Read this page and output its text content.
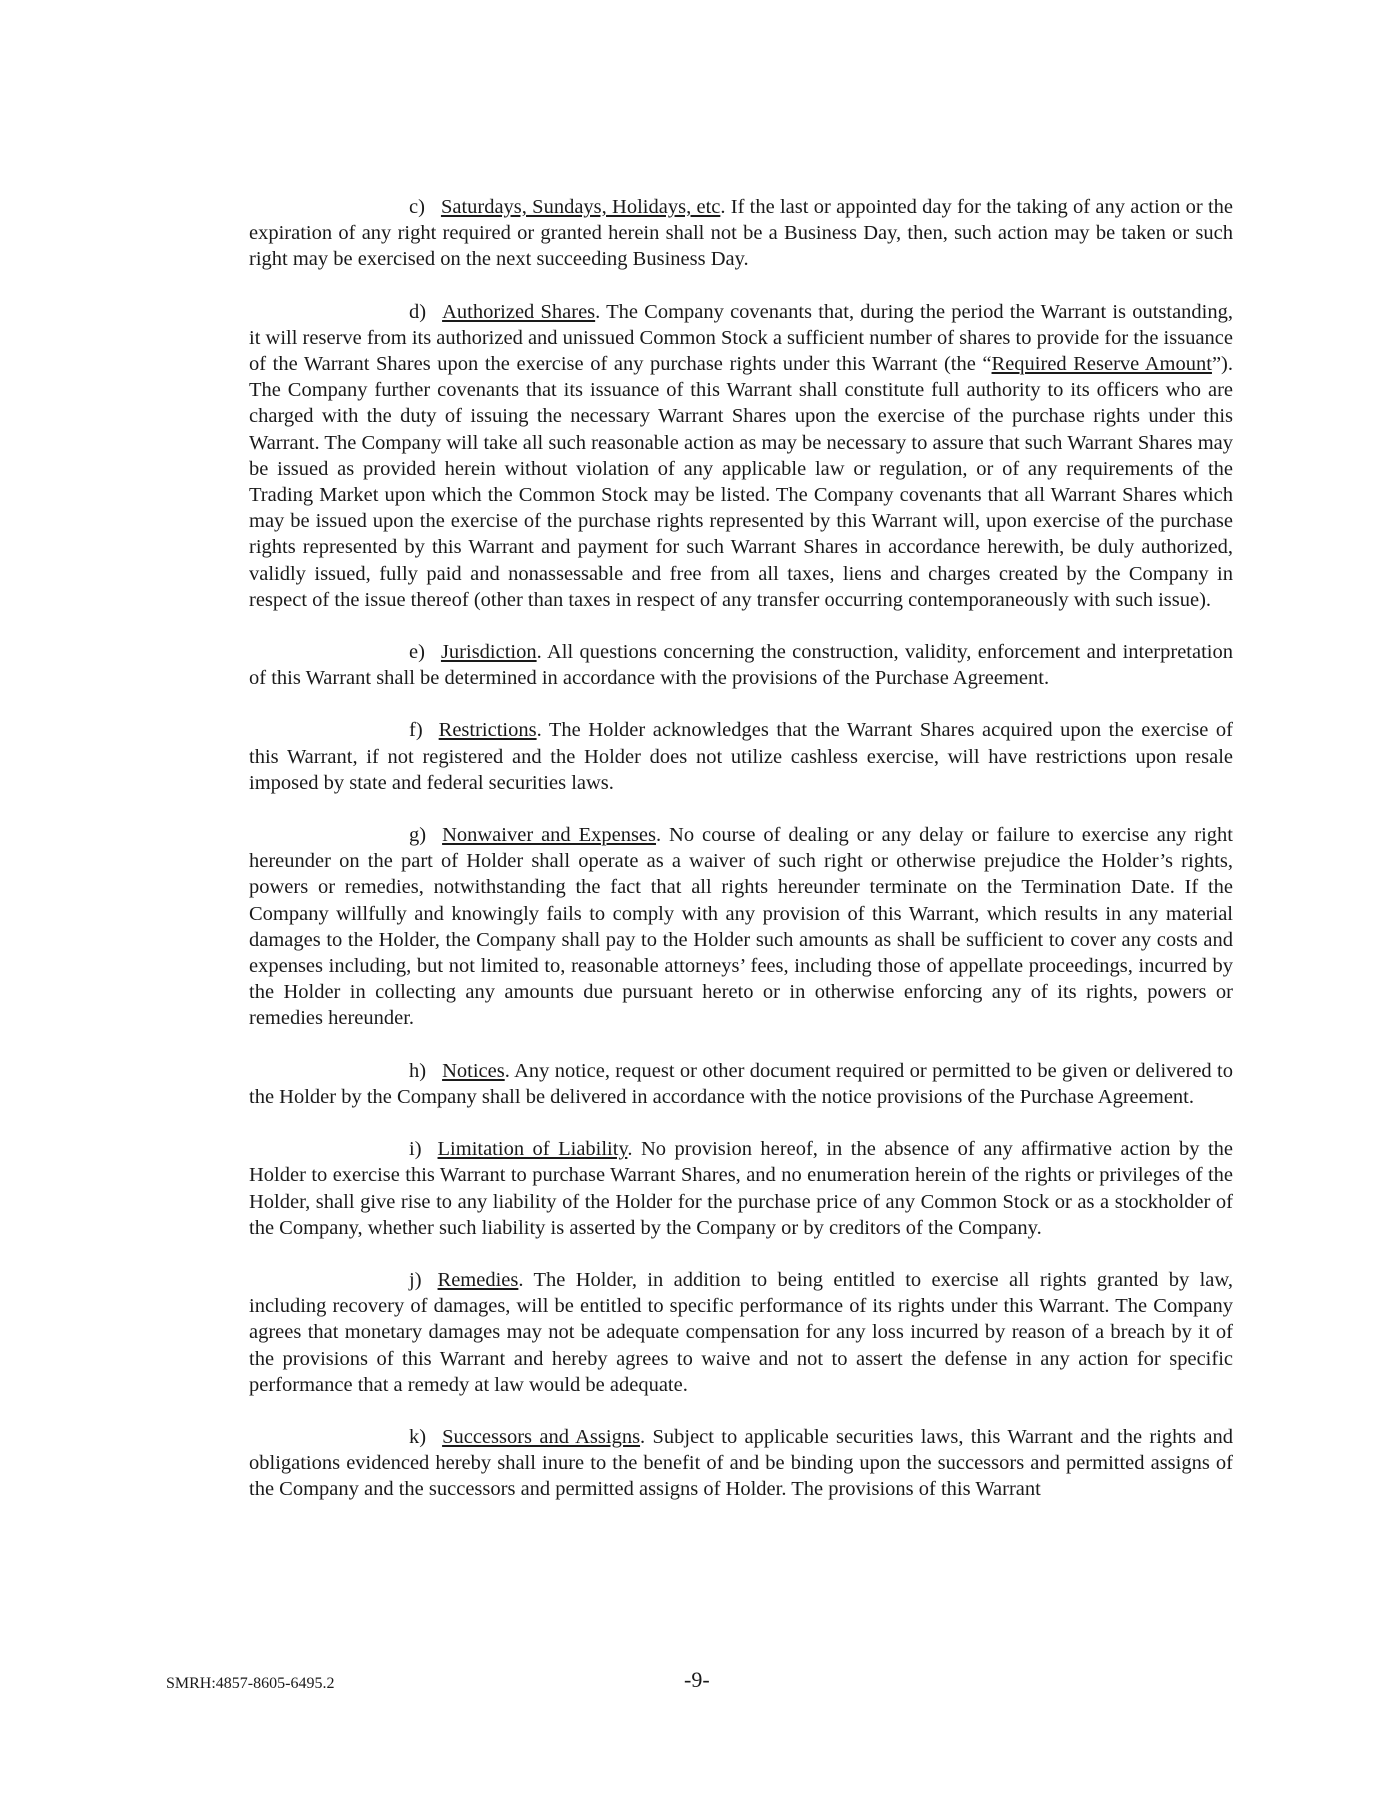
c) Saturdays, Sundays, Holidays, etc. If the last or appointed day for the taking of any action or the expiration of any right required or granted herein shall not be a Business Day, then, such action may be taken or such right may be exercised on the next succeeding Business Day.

d) Authorized Shares. The Company covenants that, during the period the Warrant is outstanding, it will reserve from its authorized and unissued Common Stock a sufficient number of shares to provide for the issuance of the Warrant Shares upon the exercise of any purchase rights under this Warrant (the “Required Reserve Amount”). The Company further covenants that its issuance of this Warrant shall constitute full authority to its officers who are charged with the duty of issuing the necessary Warrant Shares upon the exercise of the purchase rights under this Warrant. The Company will take all such reasonable action as may be necessary to assure that such Warrant Shares may be issued as provided herein without violation of any applicable law or regulation, or of any requirements of the Trading Market upon which the Common Stock may be listed. The Company covenants that all Warrant Shares which may be issued upon the exercise of the purchase rights represented by this Warrant will, upon exercise of the purchase rights represented by this Warrant and payment for such Warrant Shares in accordance herewith, be duly authorized, validly issued, fully paid and nonassessable and free from all taxes, liens and charges created by the Company in respect of the issue thereof (other than taxes in respect of any transfer occurring contemporaneously with such issue).

e) Jurisdiction. All questions concerning the construction, validity, enforcement and interpretation of this Warrant shall be determined in accordance with the provisions of the Purchase Agreement.

f) Restrictions. The Holder acknowledges that the Warrant Shares acquired upon the exercise of this Warrant, if not registered and the Holder does not utilize cashless exercise, will have restrictions upon resale imposed by state and federal securities laws.

g) Nonwaiver and Expenses. No course of dealing or any delay or failure to exercise any right hereunder on the part of Holder shall operate as a waiver of such right or otherwise prejudice the Holder’s rights, powers or remedies, notwithstanding the fact that all rights hereunder terminate on the Termination Date. If the Company willfully and knowingly fails to comply with any provision of this Warrant, which results in any material damages to the Holder, the Company shall pay to the Holder such amounts as shall be sufficient to cover any costs and expenses including, but not limited to, reasonable attorneys’ fees, including those of appellate proceedings, incurred by the Holder in collecting any amounts due pursuant hereto or in otherwise enforcing any of its rights, powers or remedies hereunder.

h) Notices. Any notice, request or other document required or permitted to be given or delivered to the Holder by the Company shall be delivered in accordance with the notice provisions of the Purchase Agreement.

i) Limitation of Liability. No provision hereof, in the absence of any affirmative action by the Holder to exercise this Warrant to purchase Warrant Shares, and no enumeration herein of the rights or privileges of the Holder, shall give rise to any liability of the Holder for the purchase price of any Common Stock or as a stockholder of the Company, whether such liability is asserted by the Company or by creditors of the Company.

j) Remedies. The Holder, in addition to being entitled to exercise all rights granted by law, including recovery of damages, will be entitled to specific performance of its rights under this Warrant. The Company agrees that monetary damages may not be adequate compensation for any loss incurred by reason of a breach by it of the provisions of this Warrant and hereby agrees to waive and not to assert the defense in any action for specific performance that a remedy at law would be adequate.

k) Successors and Assigns. Subject to applicable securities laws, this Warrant and the rights and obligations evidenced hereby shall inure to the benefit of and be binding upon the successors and permitted assigns of the Company and the successors and permitted assigns of Holder. The provisions of this Warrant

SMRH:4857-8605-6495.2	-9-
